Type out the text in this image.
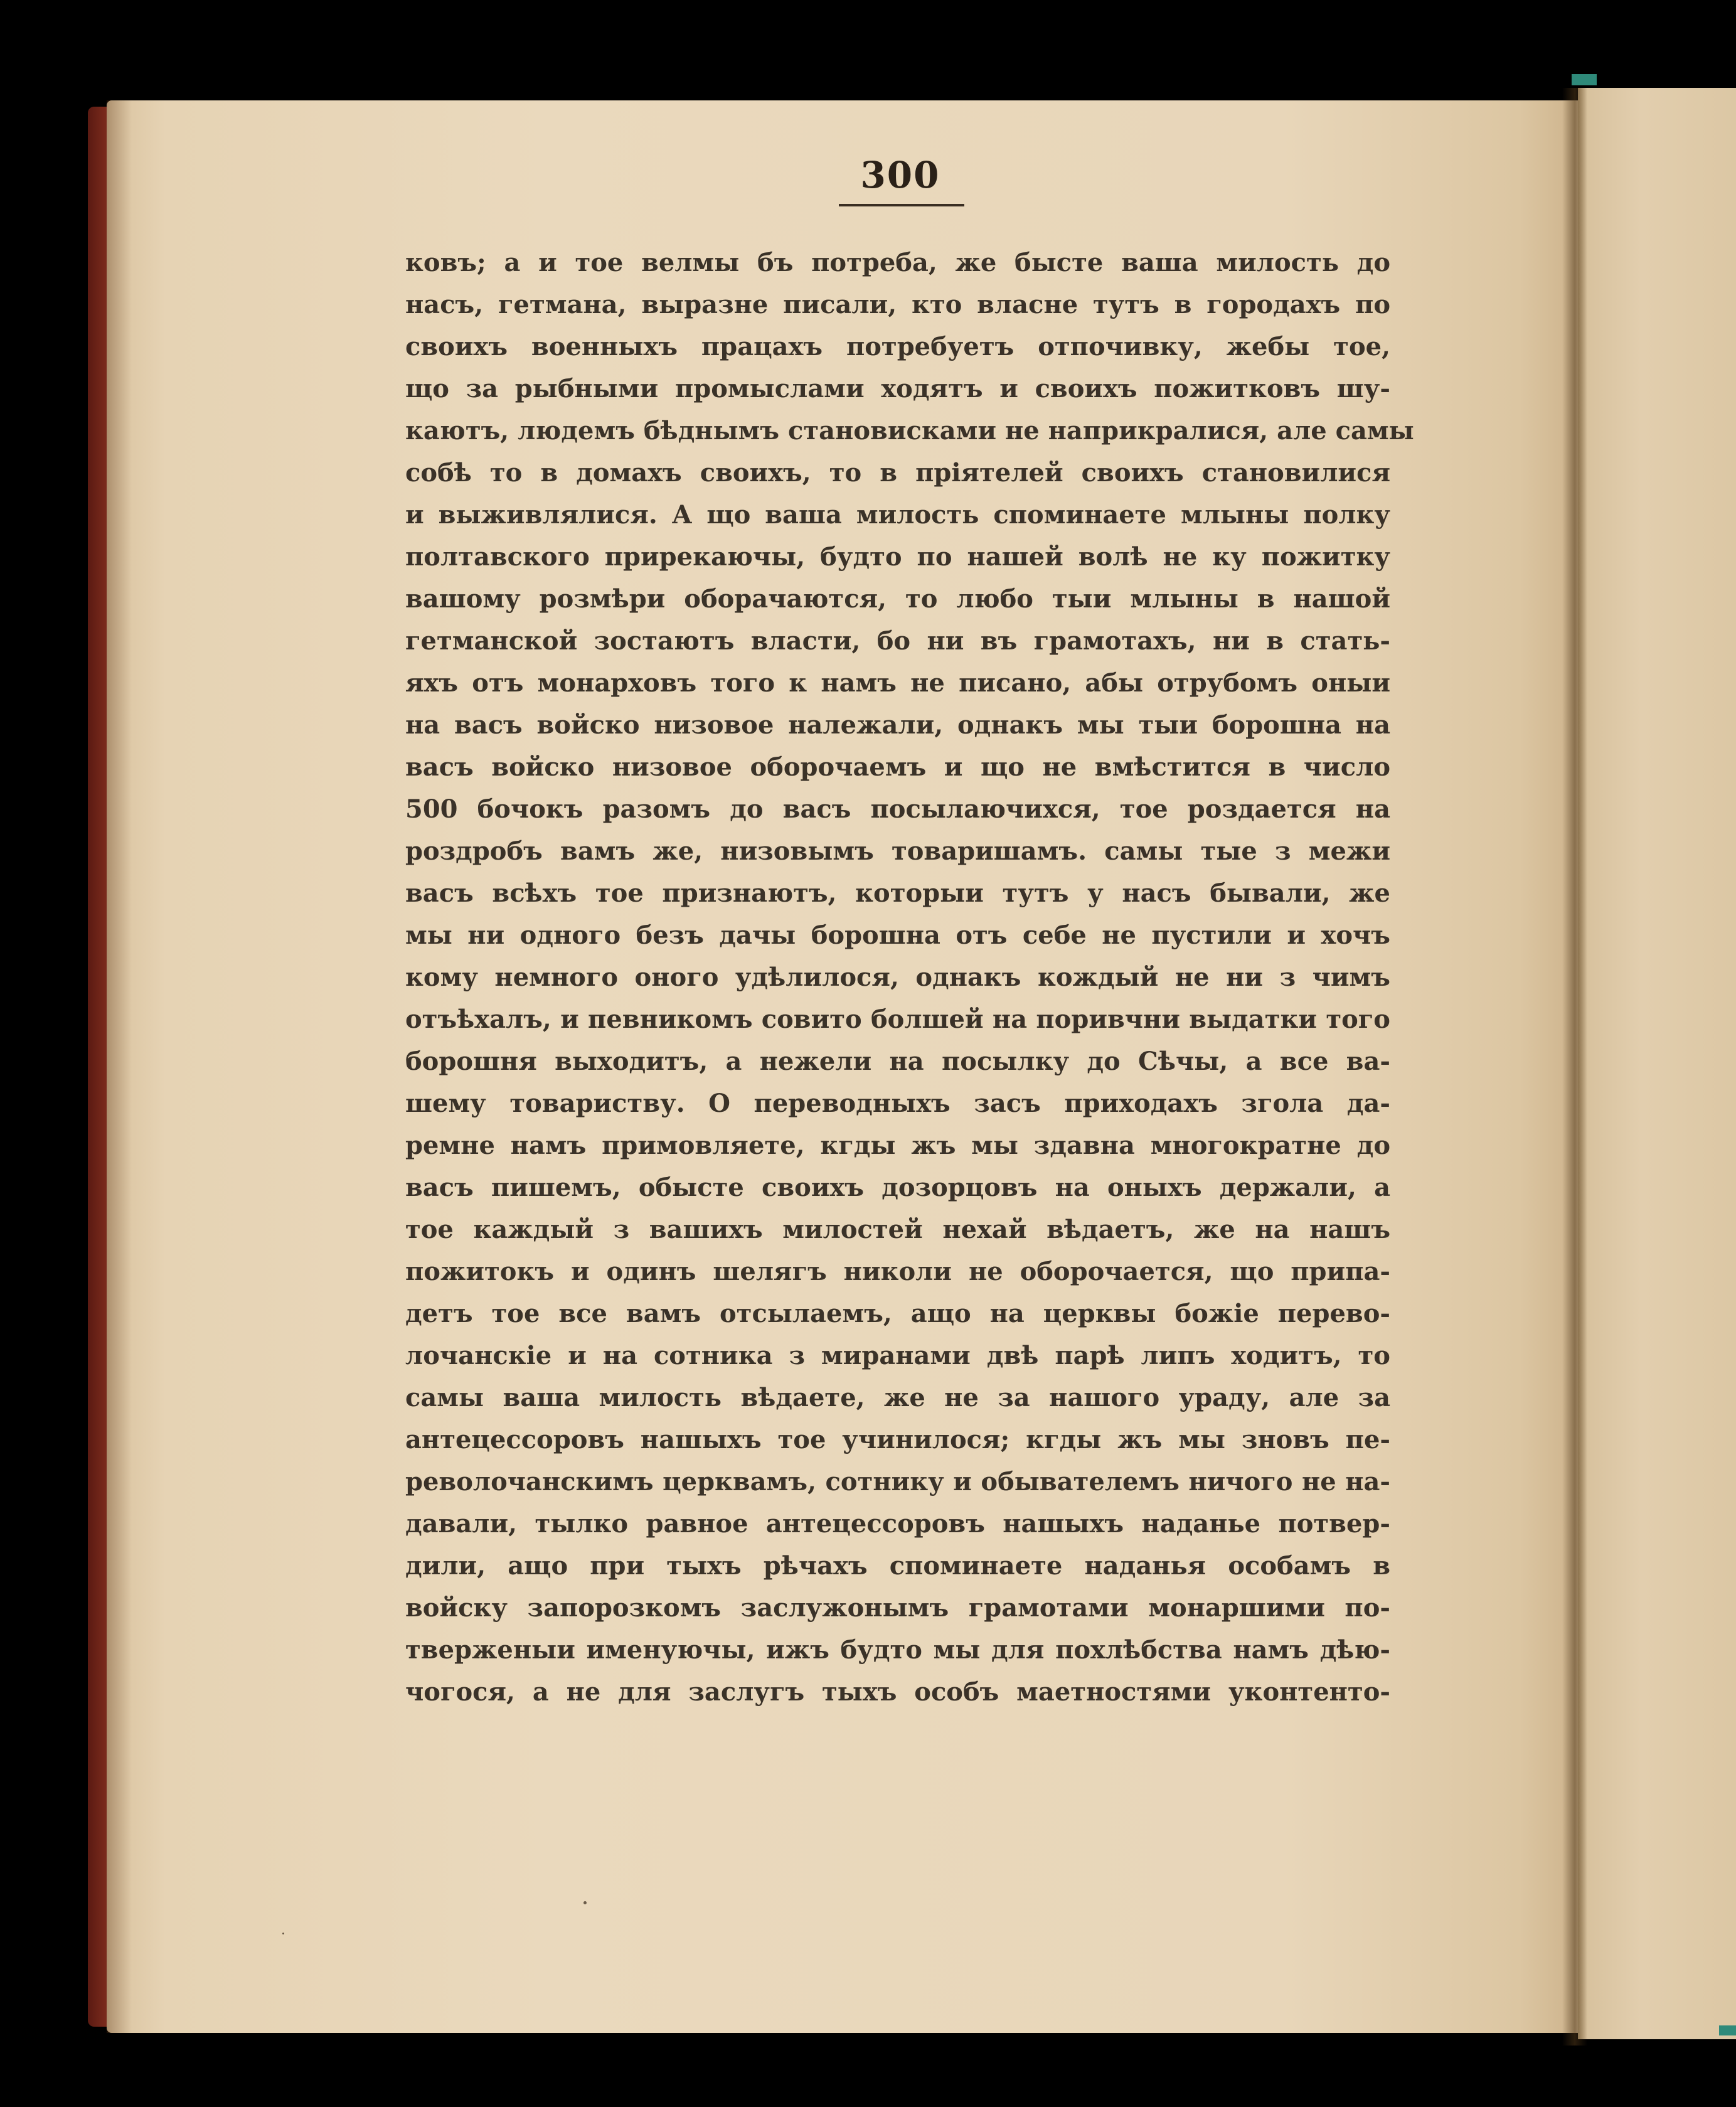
300
ковъ; а и тое велмы бъ потреба, же бысте ваша милость до
насъ, гетмана, выразне писали, кто власне тутъ в городахъ по
своихъ военныхъ працахъ потребуетъ отпочивку, жебы тое,
що за рыбными промыслами ходятъ и своихъ пожитковъ шу-
каютъ, людемъ бѣднымъ становисками не наприкралися, але самы
собѣ то в домахъ своихъ, то в пріятелей своихъ становилися
и выживлялися. А що ваша милость споминаете млыны полку
полтавского прирекаючы, будто по нашей волѣ не ку пожитку
вашому розмѣри оборачаются, то любо тыи млыны в нашой
гетманской зостаютъ власти, бо ни въ грамотахъ, ни в стать-
яхъ отъ монарховъ того к намъ не писано, абы отрубомъ оныи
на васъ войско низовое належали, однакъ мы тыи борошна на
васъ войско низовое оборочаемъ и що не вмѣстится в число
500 бочокъ разомъ до васъ посылаючихся, тое роздается на
роздробъ вамъ же, низовымъ товаришамъ. самы тые з межи
васъ всѣхъ тое признаютъ, которыи тутъ у насъ бывали, же
мы ни одного безъ дачы борошна отъ себе не пустили и хочъ
кому немного оного удѣлилося, однакъ кождый не ни з чимъ
отъѣхалъ, и певникомъ совито болшей на поривчни выдатки того
борошня выходитъ, а нежели на посылку до Сѣчы, а все ва-
шему товариству. О переводныхъ засъ приходахъ згола да-
ремне намъ примовляете, кгды жъ мы здавна многократне до
васъ пишемъ, обысте своихъ дозорцовъ на оныхъ держали, а
тое каждый з вашихъ милостей нехай вѣдаетъ, же на нашъ
пожитокъ и одинъ шелягъ николи не оборочается, що припа-
детъ тое все вамъ отсылаемъ, ащо на церквы божіе перево-
лочанскіе и на сотника з миранами двѣ парѣ липъ ходитъ, то
самы ваша милость вѣдаете, же не за нашого ураду, але за
антецессоровъ нашыхъ тое учинилося; кгды жъ мы зновъ пе-
револочанскимъ церквамъ, сотнику и обывателемъ ничого не на-
давали, тылко равное антецессоровъ нашыхъ наданье потвер-
дили, ащо при тыхъ рѣчахъ споминаете наданья особамъ в
войску запорозкомъ заслужонымъ грамотами монаршими по-
тверженыи именуючы, ижъ будто мы для похлѣбства намъ дѣю-
чогося, а не для заслугъ тыхъ особъ маетностями уконтенто-
